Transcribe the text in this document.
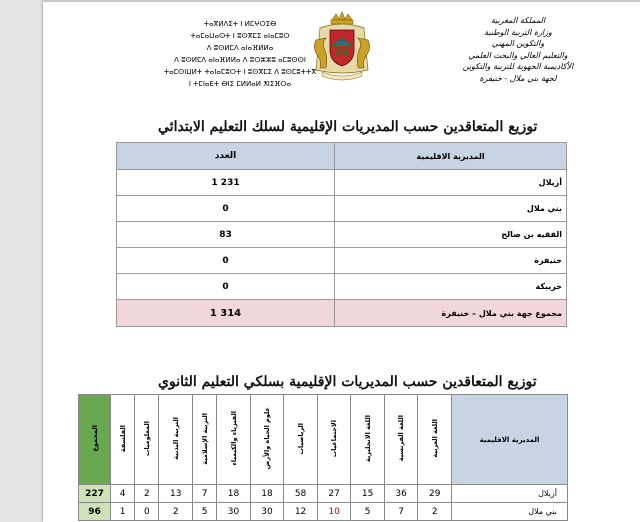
ⵜⴰⴳⵍⴷⵉⵜ ⵏ ⵍⵎⵖⵔⵉⴱ
ⵜⴰⵎⴰⵡⴰⵙⵜ ⵏ ⵓⵙⴳⵎⵉ ⴰⵏⴰⵎⵓⵔ
ⴷ ⵓⵙⵍⵎⴷ ⴰⵏⴰⴼⵍⵍⴰ
ⴷ ⵓⵙⵍⵎⴷ ⴰⵏⴰⴼⵍⵍⴰ ⴷ ⵓⵔⵣⵣⵓ ⴰⵎⵓⵙⵙⵏ
ⵜⴰⵎⵙⵏⵡⵍⵜ ⵜⴰⵏⴰⵎⵓⵔⵜ ⵏ ⵓⵙⴳⵎⵉ ⴷ ⵓⵙⵎⵓⵜⵜⴳ
ⵏ ⵜⵎⵏⴰⴹⵜ ⴱⵏⵉ ⵎⵍⵍⴰⵍ ⵅⵏⵉⴼⵔⴰ
المملكة المغربية
وزارة التربية الوطنية
والتكوين المهني
والتعليم العالي والبحث العلمي
الأكاديمية الجهوية للتربية والتكوين
لجهة بني ملال - خنيفرة
توزيع المتعاقدين حسب المديريات الإقليمية لسلك التعليم الابتدائي
العدد	المديرية الاقليمية
1 231	أزيلال
0	بني ملال
83	الفقيه بن صالح
0	خنيفرة
0	خريبكة
1 314	مجموع جهة بني ملال – خنيفرة
توزيع المتعاقدين حسب المديريات الإقليمية بسلكي التعليم الثانوي
المجموع	الفلسفة	المعلوميات	التربية البدنية	التربية الإسلامية	الفيزياء والكيمياء	علوم الحياة والأرض	الرياضيات	الاجتماعيات	اللغة الانجليزية	اللغة الفرنسية	اللغة العربية	المديرية الاقليمية
227	4	2	13	7	18	18	58	27	15	36	29	أزيلال
96	1	0	2	5	30	30	12	10	5	7	2	بني ملال
